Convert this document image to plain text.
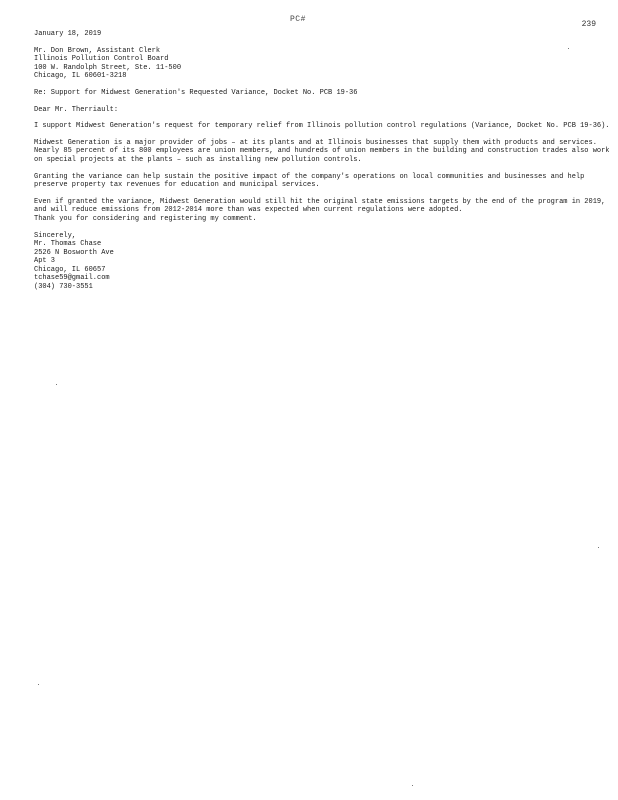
PC#
239
January 18, 2019
Mr. Don Brown, Assistant Clerk
Illinois Pollution Control Board
100 W. Randolph Street, Ste. 11-500
Chicago, IL 60601-3218
Re: Support for Midwest Generation's Requested Variance, Docket No. PCB 19-36
Dear Mr. Therriault:
I support Midwest Generation's request for temporary relief from Illinois pollution control regulations (Variance, Docket No. PCB 19-36).
Midwest Generation is a major provider of jobs – at its plants and at Illinois businesses that supply them with products and services. Nearly 85 percent of its 800 employees are union members, and hundreds of union members in the building and construction trades also work on special projects at the plants – such as installing new pollution controls.
Granting the variance can help sustain the positive impact of the company's operations on local communities and businesses and help preserve property tax revenues for education and municipal services.
Even if granted the variance, Midwest Generation would still hit the original state emissions targets by the end of the program in 2019, and will reduce emissions from 2012-2014 more than was expected when current regulations were adopted.
Thank you for considering and registering my comment.
Sincerely,
Mr. Thomas Chase
2526 N Bosworth Ave
Apt 3
Chicago, IL 60657
tchase59@gmail.com
(304) 730-3551
